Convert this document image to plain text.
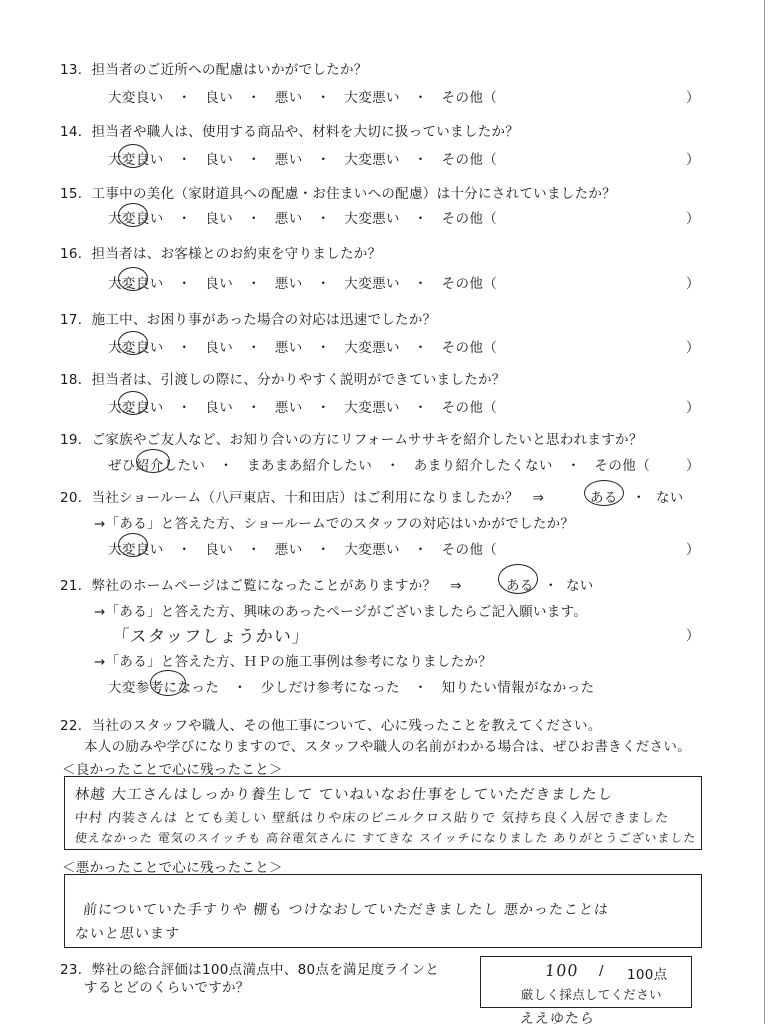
13．担当者のご近所への配慮はいかがでしたか？
大変良い　・　良い　・　悪い　・　大変悪い　・　その他（	）
14．担当者や職人は、使用する商品や、材料を大切に扱っていましたか？
大変良い　・　良い　・　悪い　・　大変悪い　・　その他（	）
15．工事中の美化（家財道具への配慮・お住まいへの配慮）は十分にされていましたか？
大変良い　・　良い　・　悪い　・　大変悪い　・　その他（	）
16．担当者は、お客様とのお約束を守りましたか？
大変良い　・　良い　・　悪い　・　大変悪い　・　その他（	）
17．施工中、お困り事があった場合の対応は迅速でしたか？
大変良い　・　良い　・　悪い　・　大変悪い　・　その他（	）
18．担当者は、引渡しの際に、分かりやすく説明ができていましたか？
大変良い　・　良い　・　悪い　・　大変悪い　・　その他（	）
19．ご家族やご友人など、お知り合いの方にリフォームササキを紹介したいと思われますか？
ぜひ紹介したい　・　まあまあ紹介したい　・　あまり紹介したくない　・　その他（	）
20．当社ショールーム（八戸東店、十和田店）はご利用になりましたか？　⇒	ある ・ ない
→「ある」と答えた方、ショールームでのスタッフの対応はいかがでしたか？
大変良い　・　良い　・　悪い　・　大変悪い　・　その他（	）
21．弊社のホームページはご覧になったことがありますか？　⇒	ある ・ ない
→「ある」と答えた方、興味のあったページがございましたらご記入願います。
「スタッフしょうかい」	）
→「ある」と答えた方、ＨＰの施工事例は参考になりましたか？
大変参考になった　・　少しだけ参考になった　・　知りたい情報がなかった
22．当社のスタッフや職人、その他工事について、心に残ったことを教えてください。
本人の励みや学びになりますので、スタッフや職人の名前がわかる場合は、ぜひお書きください。
＜良かったことで心に残ったこと＞
林越 大工さんはしっかり養生して ていねいなお仕事をしていただきましたし
中村 内装さんは とても美しい 壁紙はりや床のビニルクロス貼りで 気持ち良く入居できました
使えなかった 電気のスイッチも 高谷電気さんに すてきな スイッチになりました ありがとうございました
＜悪かったことで心に残ったこと＞
前についていた手すりや 棚も つけなおしていただきましたし 悪かったことは
ないと思います
23．弊社の総合評価は100点満点中、80点を満足度ラインと
するとどのくらいですか？
100 / 100点
厳しく採点してください
ええゆたら
